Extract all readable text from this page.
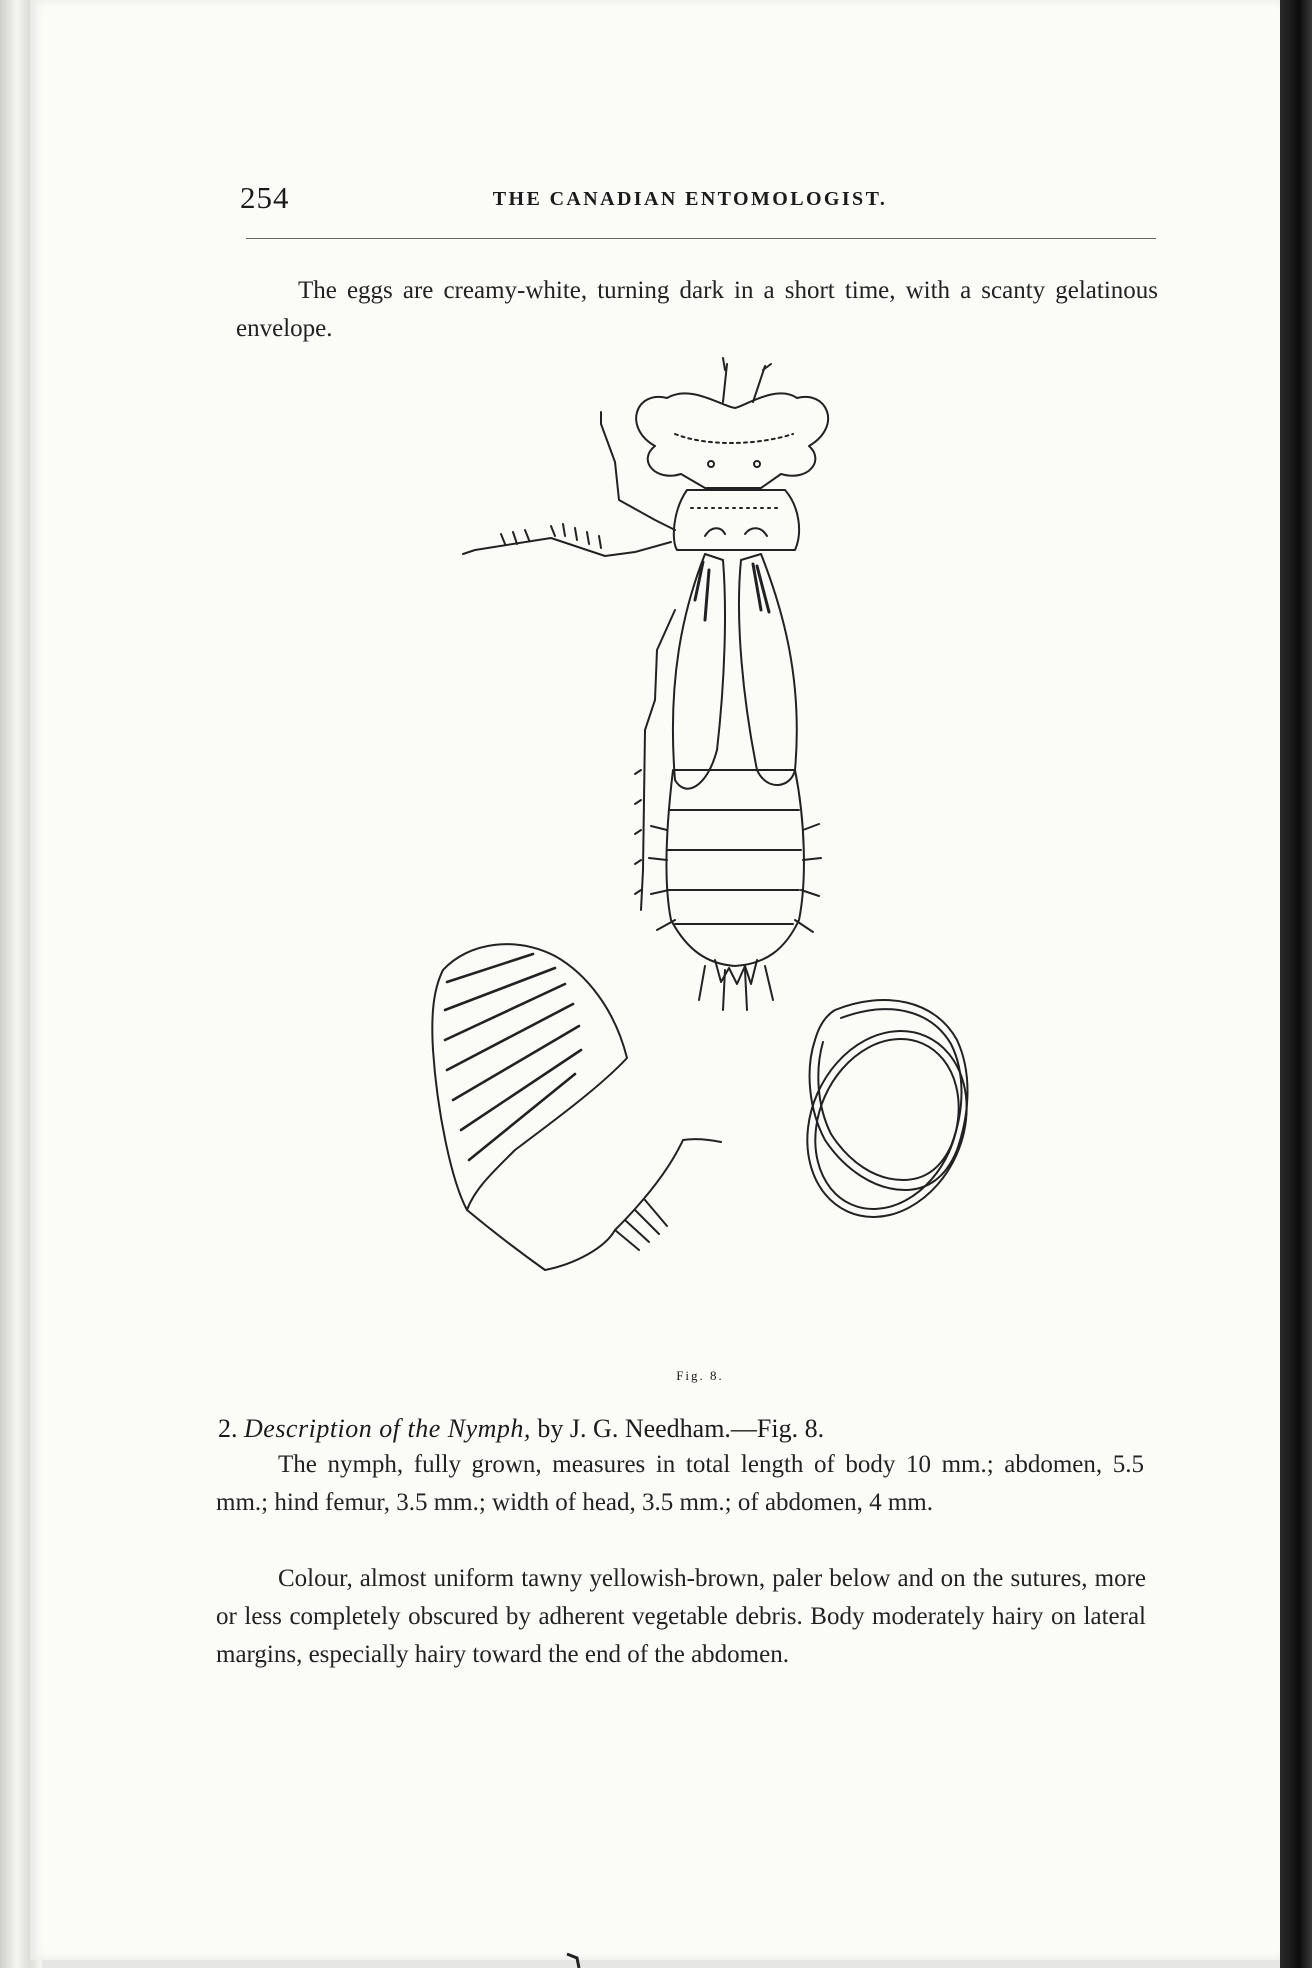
254	THE CANADIAN ENTOMOLOGIST.
The eggs are creamy-white, turning dark in a short time, with a scanty gelatinous envelope.
Fig. 8.
2. Description of the Nymph, by J. G. Needham.—Fig. 8.
The nymph, fully grown, measures in total length of body 10 mm.; abdomen, 5.5 mm.; hind femur, 3.5 mm.; width of head, 3.5 mm.; of abdomen, 4 mm.
Colour, almost uniform tawny yellowish-brown, paler below and on the sutures, more or less completely obscured by adherent vegetable debris. Body moderately hairy on lateral margins, especially hairy toward the end of the abdomen.
